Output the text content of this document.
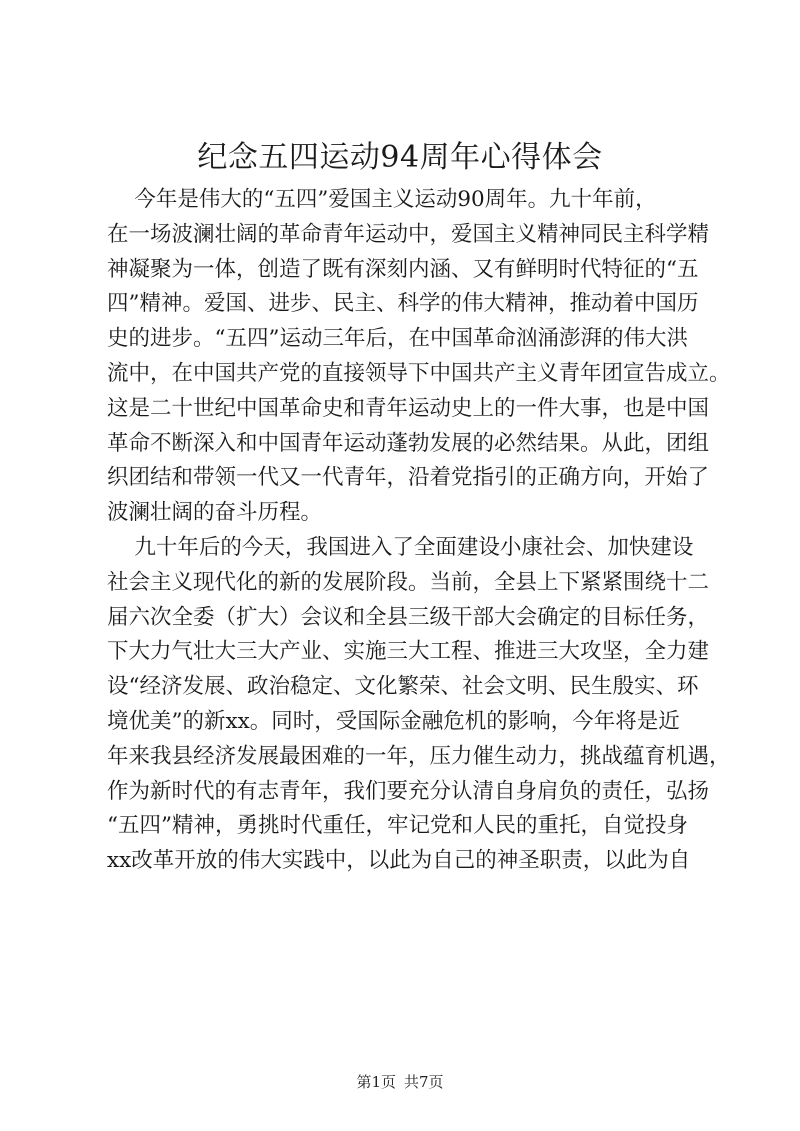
纪念五四运动94周年心得体会
今年是伟大的“五四”爱国主义运动90周年。九十年前，
在一场波澜壮阔的革命青年运动中，爱国主义精神同民主科学精
神凝聚为一体，创造了既有深刻内涵、又有鲜明时代特征的“五
四”精神。爱国、进步、民主、科学的伟大精神，推动着中国历
史的进步。“五四”运动三年后，在中国革命汹涌澎湃的伟大洪
流中，在中国共产党的直接领导下中国共产主义青年团宣告成立。
这是二十世纪中国革命史和青年运动史上的一件大事，也是中国
革命不断深入和中国青年运动蓬勃发展的必然结果。从此，团组
织团结和带领一代又一代青年，沿着党指引的正确方向，开始了
波澜壮阔的奋斗历程。
九十年后的今天，我国进入了全面建设小康社会、加快建设
社会主义现代化的新的发展阶段。当前，全县上下紧紧围绕十二
届六次全委（扩大）会议和全县三级干部大会确定的目标任务，
下大力气壮大三大产业、实施三大工程、推进三大攻坚，全力建
设“经济发展、政治稳定、文化繁荣、社会文明、民生殷实、环
境优美”的新xx。同时，受国际金融危机的影响，今年将是近
年来我县经济发展最困难的一年，压力催生动力，挑战蕴育机遇，
作为新时代的有志青年，我们要充分认清自身肩负的责任，弘扬
“五四”精神，勇挑时代重任，牢记党和人民的重托，自觉投身
xx改革开放的伟大实践中，以此为自己的神圣职责，以此为自
第1页 共7页
